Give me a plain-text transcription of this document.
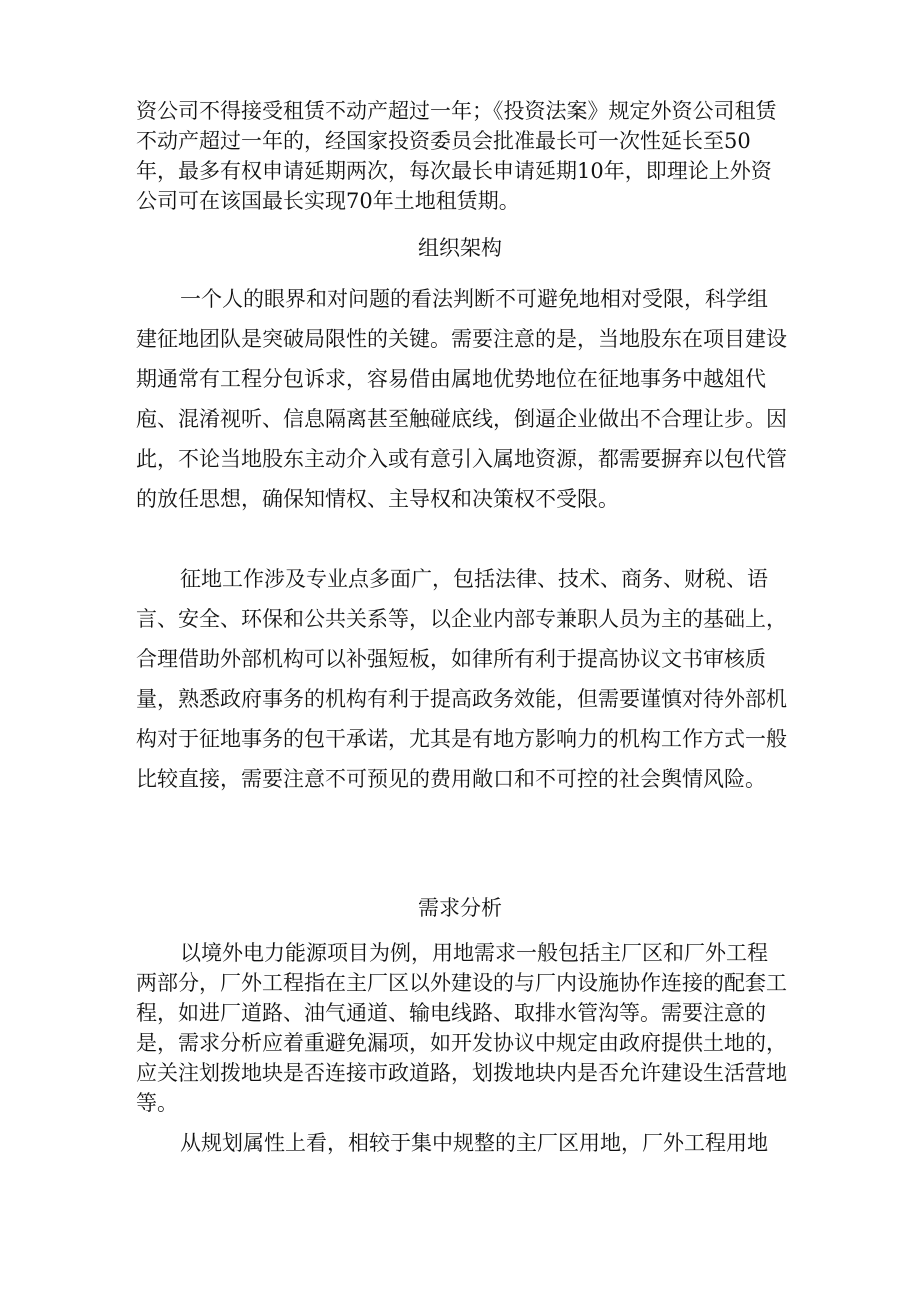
资公司不得接受租赁不动产超过一年；《投资法案》规定外资公司租赁不动产超过一年的，经国家投资委员会批准最长可一次性延长至50年，最多有权申请延期两次，每次最长申请延期10年，即理论上外资公司可在该国最长实现70年土地租赁期。

组织架构

一个人的眼界和对问题的看法判断不可避免地相对受限，科学组建征地团队是突破局限性的关键。需要注意的是，当地股东在项目建设期通常有工程分包诉求，容易借由属地优势地位在征地事务中越俎代庖、混淆视听、信息隔离甚至触碰底线，倒逼企业做出不合理让步。因此，不论当地股东主动介入或有意引入属地资源，都需要摒弃以包代管的放任思想，确保知情权、主导权和决策权不受限。

征地工作涉及专业点多面广，包括法律、技术、商务、财税、语言、安全、环保和公共关系等，以企业内部专兼职人员为主的基础上，合理借助外部机构可以补强短板，如律所有利于提高协议文书审核质量，熟悉政府事务的机构有利于提高政务效能，但需要谨慎对待外部机构对于征地事务的包干承诺，尤其是有地方影响力的机构工作方式一般比较直接，需要注意不可预见的费用敞口和不可控的社会舆情风险。

需求分析

以境外电力能源项目为例，用地需求一般包括主厂区和厂外工程两部分，厂外工程指在主厂区以外建设的与厂内设施协作连接的配套工程，如进厂道路、油气通道、输电线路、取排水管沟等。需要注意的是，需求分析应着重避免漏项，如开发协议中规定由政府提供土地的，应关注划拨地块是否连接市政道路，划拨地块内是否允许建设生活营地等。

从规划属性上看，相较于集中规整的主厂区用地，厂外工程用地
